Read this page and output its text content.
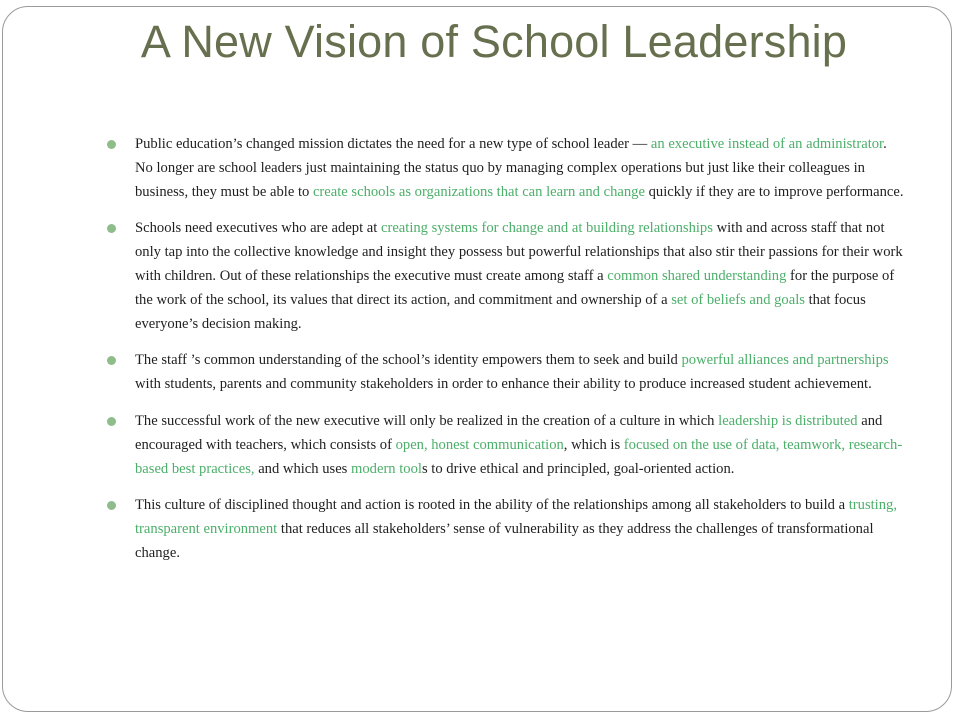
A New Vision of School Leadership
Public education’s changed mission dictates the need for a new type of school leader — an executive instead of an administrator. No longer are school leaders just maintaining the status quo by managing complex operations but just like their colleagues in business, they must be able to create schools as organizations that can learn and change quickly if they are to improve performance.
Schools need executives who are adept at creating systems for change and at building relationships with and across staff that not only tap into the collective knowledge and insight they possess but powerful relationships that also stir their passions for their work with children. Out of these relationships the executive must create among staff a common shared understanding for the purpose of the work of the school, its values that direct its action, and commitment and ownership of a set of beliefs and goals that focus everyone’s decision making.
The staff ’s common understanding of the school’s identity empowers them to seek and build powerful alliances and partnerships with students, parents and community stakeholders in order to enhance their ability to produce increased student achievement.
The successful work of the new executive will only be realized in the creation of a culture in which leadership is distributed and encouraged with teachers, which consists of open, honest communication, which is focused on the use of data, teamwork, research-based best practices, and which uses modern tools to drive ethical and principled, goal-oriented action.
This culture of disciplined thought and action is rooted in the ability of the relationships among all stakeholders to build a trusting, transparent environment that reduces all stakeholders’ sense of vulnerability as they address the challenges of transformational change.
